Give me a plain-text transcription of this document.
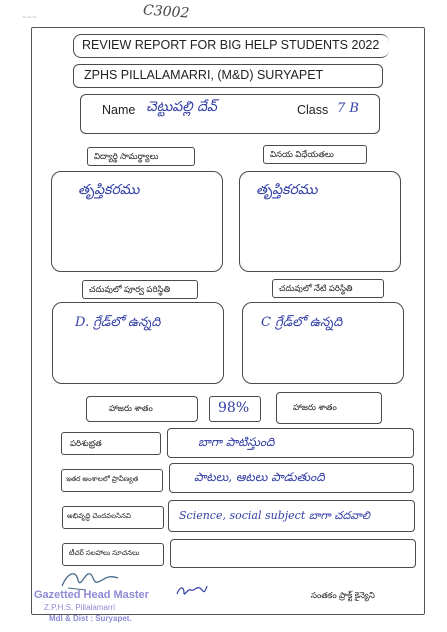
C3002
~~~
REVIEW REPORT FOR BIG HELP STUDENTS 2022
ZPHS PILLALAMARRI, (M&D) SURYAPET
Name చెట్టుపల్లి దేవ్	Class 7 B
విద్యార్థి సామర్థ్యాలు	వినయ విధేయతలు
తృప్తికరము	తృప్తికరము
చదువులో పూర్వ పరిస్థితి	చదువులో నేటి పరిస్థితి
D. గ్రేడ్‌లో ఉన్నది	C గ్రేడ్‌లో ఉన్నది
హాజరు శాతం	98%	హాజరు శాతం
పరిశుభ్రత	బాగా పాటిస్తుంది
ఇతర అంశాలలో ప్రావీణ్యత	పాటలు, ఆటలు పాడుతుంది
అభివృద్ధి చెందవలసినవి	Science, social subject బాగా చదవాలి
టీచర్ సలహాలు సూచనలు
Gazetted Head Master
Z.P.H.S. Pillalamarri
Mdl & Dist : Suryapet.
సంతకం ప్రాక్ట్ కైన్యెని
